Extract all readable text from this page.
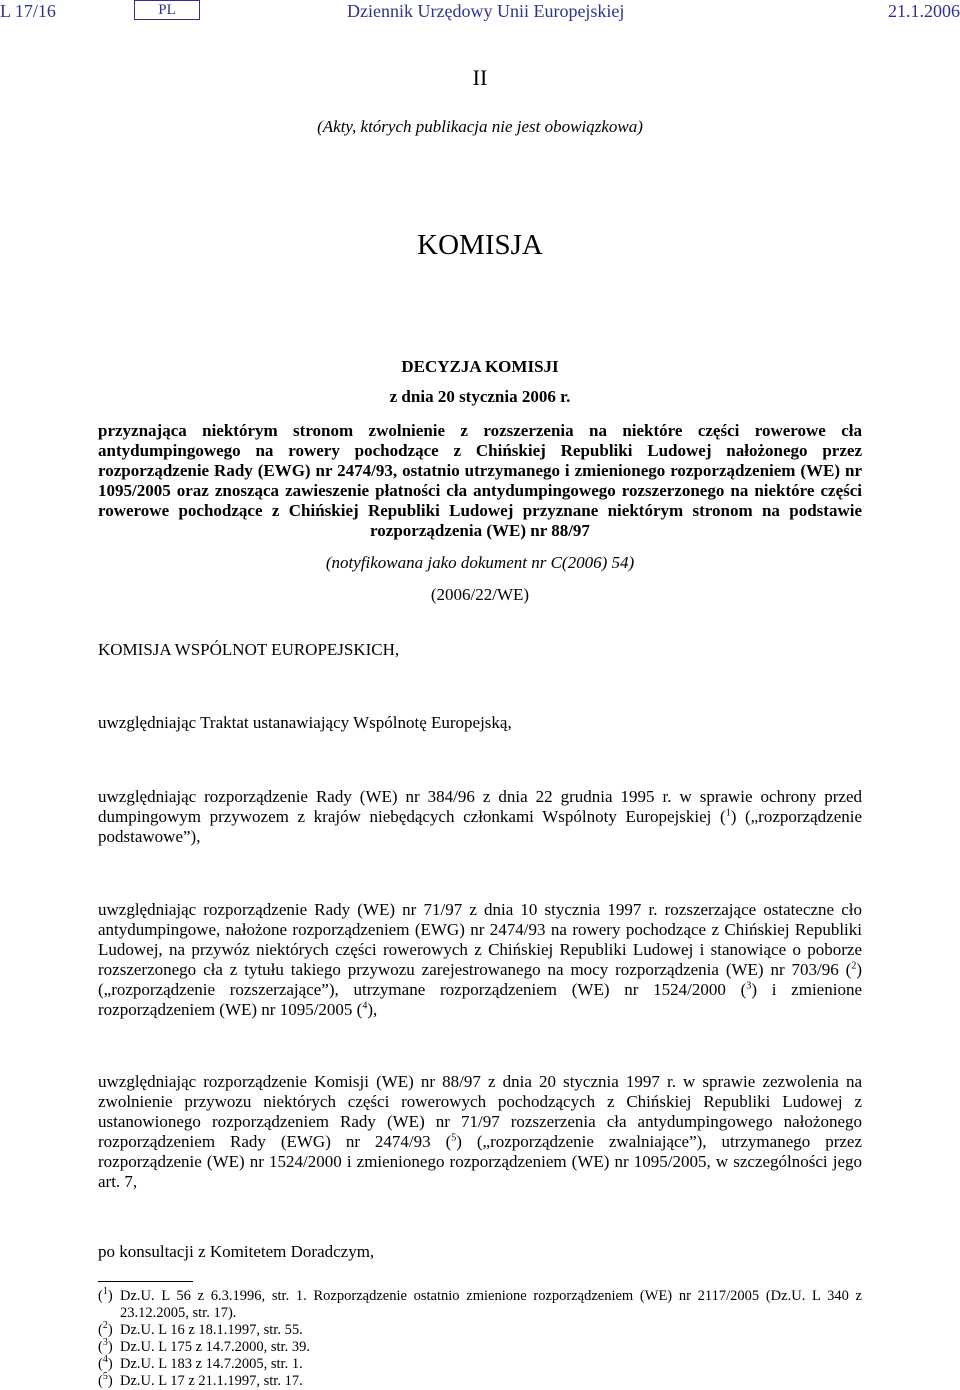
L 17/16	PL	Dziennik Urzędowy Unii Europejskiej	21.1.2006
II
(Akty, których publikacja nie jest obowiązkowa)
KOMISJA
DECYZJA KOMISJI
z dnia 20 stycznia 2006 r.
przyznająca niektórym stronom zwolnienie z rozszerzenia na niektóre części rowerowe cła antydumpingowego na rowery pochodzące z Chińskiej Republiki Ludowej nałożonego przez rozporządzenie Rady (EWG) nr 2474/93, ostatnio utrzymanego i zmienionego rozporządzeniem (WE) nr 1095/2005 oraz znosząca zawieszenie płatności cła antydumpingowego rozszerzonego na niektóre części rowerowe pochodzące z Chińskiej Republiki Ludowej przyznane niektórym stronom na podstawie rozporządzenia (WE) nr 88/97
(notyfikowana jako dokument nr C(2006) 54)
(2006/22/WE)
KOMISJA WSPÓLNOT EUROPEJSKICH,
uwzględniając Traktat ustanawiający Wspólnotę Europejską,
uwzględniając rozporządzenie Rady (WE) nr 384/96 z dnia 22 grudnia 1995 r. w sprawie ochrony przed dumpingowym przywozem z krajów niebędących członkami Wspólnoty Europejskiej ($^1$) („rozporządzenie podstawowe”),
uwzględniając rozporządzenie Rady (WE) nr 71/97 z dnia 10 stycznia 1997 r. rozszerzające ostateczne cło antydumpingowe, nałożone rozporządzeniem (EWG) nr 2474/93 na rowery pochodzące z Chińskiej Republiki Ludowej, na przywóz niektórych części rowerowych z Chińskiej Republiki Ludowej i stanowiące o poborze rozszerzonego cła z tytułu takiego przywozu zarejestrowanego na mocy rozporządzenia (WE) nr 703/96 ($^2$) („rozporządzenie rozszerzające”), utrzymane rozporządzeniem (WE) nr 1524/2000 ($^3$) i zmienione rozporządzeniem (WE) nr 1095/2005 ($^4$),
uwzględniając rozporządzenie Komisji (WE) nr 88/97 z dnia 20 stycznia 1997 r. w sprawie zezwolenia na zwolnienie przywozu niektórych części rowerowych pochodzących z Chińskiej Republiki Ludowej z ustanowionego rozporządzeniem Rady (WE) nr 71/97 rozszerzenia cła antydumpingowego nałożonego rozporządzeniem Rady (EWG) nr 2474/93 ($^5$) („rozporządzenie zwalniające”), utrzymanego przez rozporządzenie (WE) nr 1524/2000 i zmienionego rozporządzeniem (WE) nr 1095/2005, w szczególności jego art. 7,
po konsultacji z Komitetem Doradczym,
($^1$) Dz.U. L 56 z 6.3.1996, str. 1. Rozporządzenie ostatnio zmienione rozporządzeniem (WE) nr 2117/2005 (Dz.U. L 340 z 23.12.2005, str. 17).
($^2$) Dz.U. L 16 z 18.1.1997, str. 55.
($^3$) Dz.U. L 175 z 14.7.2000, str. 39.
($^4$) Dz.U. L 183 z 14.7.2005, str. 1.
($^5$) Dz.U. L 17 z 21.1.1997, str. 17.
